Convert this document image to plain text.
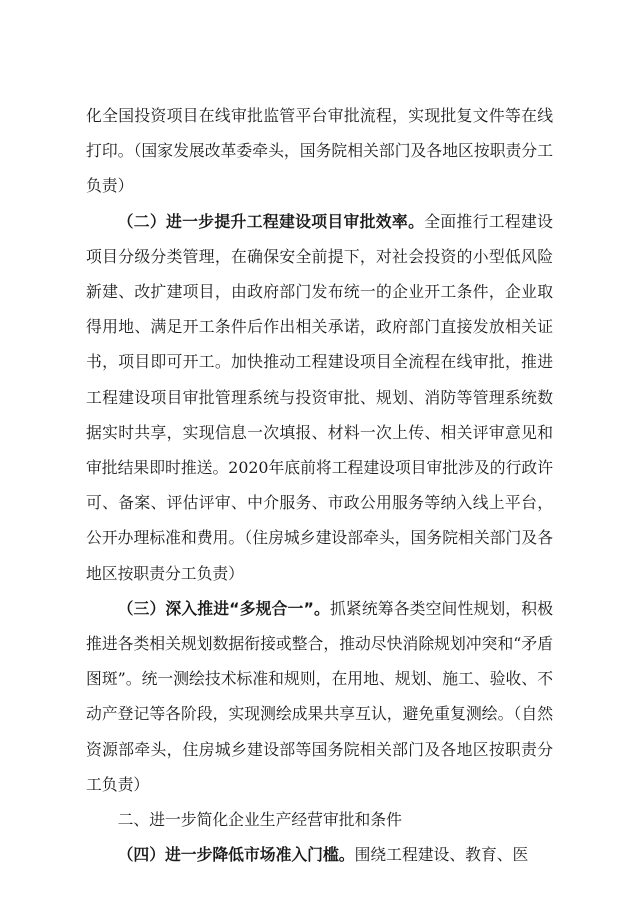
化全国投资项目在线审批监管平台审批流程，实现批复文件等在线打印。（国家发展改革委牵头，国务院相关部门及各地区按职责分工负责）

（二）进一步提升工程建设项目审批效率。全面推行工程建设项目分级分类管理，在确保安全前提下，对社会投资的小型低风险新建、改扩建项目，由政府部门发布统一的企业开工条件，企业取得用地、满足开工条件后作出相关承诺，政府部门直接发放相关证书，项目即可开工。加快推动工程建设项目全流程在线审批，推进工程建设项目审批管理系统与投资审批、规划、消防等管理系统数据实时共享，实现信息一次填报、材料一次上传、相关评审意见和审批结果即时推送。2020年底前将工程建设项目审批涉及的行政许可、备案、评估评审、中介服务、市政公用服务等纳入线上平台，公开办理标准和费用。（住房城乡建设部牵头，国务院相关部门及各地区按职责分工负责）

（三）深入推进“多规合一”。抓紧统筹各类空间性规划，积极推进各类相关规划数据衔接或整合，推动尽快消除规划冲突和“矛盾图斑”。统一测绘技术标准和规则，在用地、规划、施工、验收、不动产登记等各阶段，实现测绘成果共享互认，避免重复测绘。（自然资源部牵头，住房城乡建设部等国务院相关部门及各地区按职责分工负责）

二、进一步简化企业生产经营审批和条件

（四）进一步降低市场准入门槛。围绕工程建设、教育、医
